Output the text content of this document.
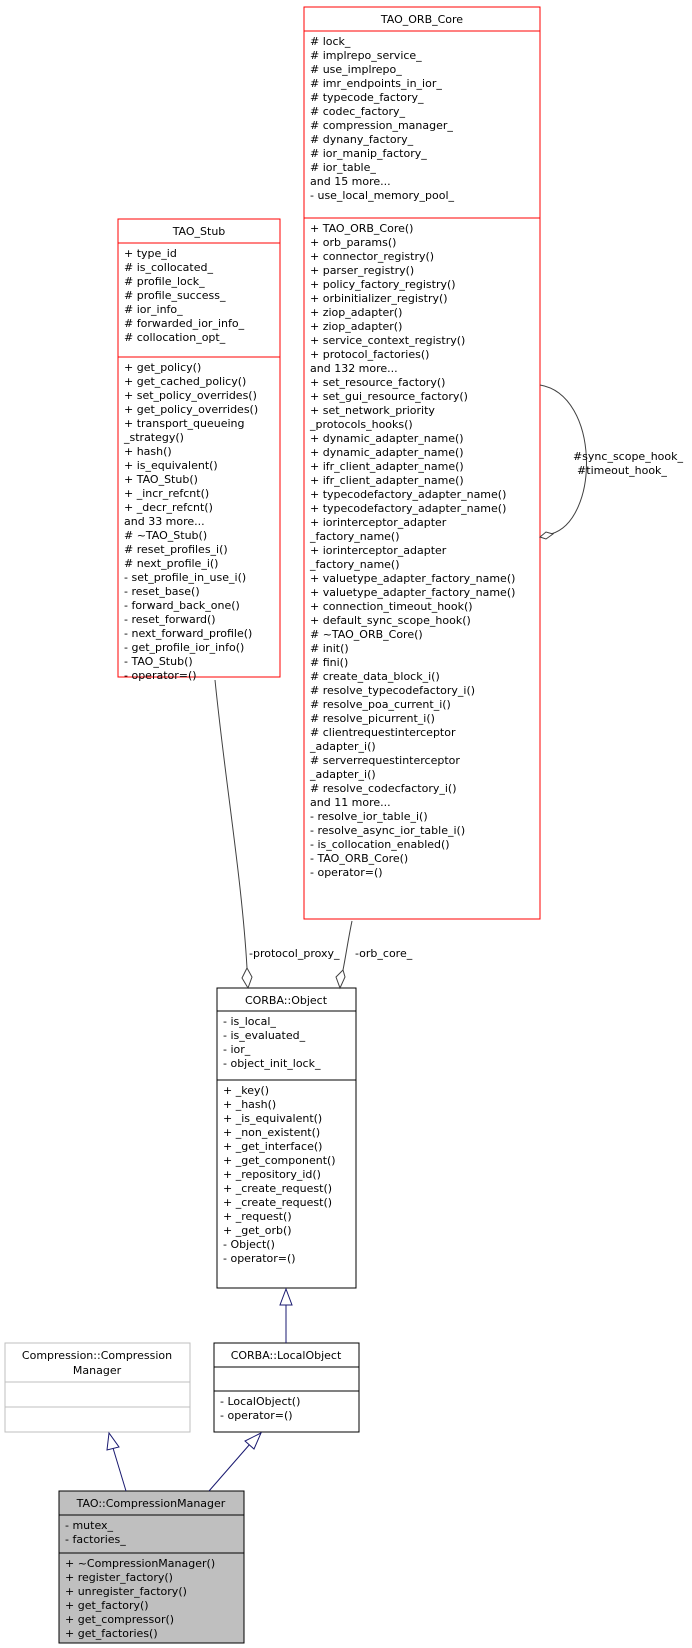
TAO_ORB_Core
# lock_
# implrepo_service_
# use_implrepo_
# imr_endpoints_in_ior_
# typecode_factory_
# codec_factory_
# compression_manager_
# dynany_factory_
# ior_manip_factory_
# ior_table_
and 15 more...
- use_local_memory_pool_
+ TAO_ORB_Core()
+ orb_params()
+ connector_registry()
+ parser_registry()
+ policy_factory_registry()
+ orbinitializer_registry()
+ ziop_adapter()
+ ziop_adapter()
+ service_context_registry()
+ protocol_factories()
and 132 more...
+ set_resource_factory()
+ set_gui_resource_factory()
+ set_network_priority
_protocols_hooks()
+ dynamic_adapter_name()
+ dynamic_adapter_name()
+ ifr_client_adapter_name()
+ ifr_client_adapter_name()
+ typecodefactory_adapter_name()
+ typecodefactory_adapter_name()
+ iorinterceptor_adapter
_factory_name()
+ iorinterceptor_adapter
_factory_name()
+ valuetype_adapter_factory_name()
+ valuetype_adapter_factory_name()
+ connection_timeout_hook()
+ default_sync_scope_hook()
# ~TAO_ORB_Core()
# init()
# fini()
# create_data_block_i()
# resolve_typecodefactory_i()
# resolve_poa_current_i()
# resolve_picurrent_i()
# clientrequestinterceptor
_adapter_i()
# serverrequestinterceptor
_adapter_i()
# resolve_codecfactory_i()
and 11 more...
- resolve_ior_table_i()
- resolve_async_ior_table_i()
- is_collocation_enabled()
- TAO_ORB_Core()
- operator=()
TAO_Stub
+ type_id
# is_collocated_
# profile_lock_
# profile_success_
# ior_info_
# forwarded_ior_info_
# collocation_opt_
+ get_policy()
+ get_cached_policy()
+ set_policy_overrides()
+ get_policy_overrides()
+ transport_queueing
_strategy()
+ hash()
+ is_equivalent()
+ TAO_Stub()
+ _incr_refcnt()
+ _decr_refcnt()
and 33 more...
# ~TAO_Stub()
# reset_profiles_i()
# next_profile_i()
- set_profile_in_use_i()
- reset_base()
- forward_back_one()
- reset_forward()
- next_forward_profile()
- get_profile_ior_info()
- TAO_Stub()
- operator=()
CORBA::Object
- is_local_
- is_evaluated_
- ior_
- object_init_lock_
+ _key()
+ _hash()
+ _is_equivalent()
+ _non_existent()
+ _get_interface()
+ _get_component()
+ _repository_id()
+ _create_request()
+ _create_request()
+ _request()
+ _get_orb()
- Object()
- operator=()
Compression::Compression
Manager
CORBA::LocalObject
- LocalObject()
- operator=()
TAO::CompressionManager
- mutex_
- factories_
+ ~CompressionManager()
+ register_factory()
+ unregister_factory()
+ get_factory()
+ get_compressor()
+ get_factories()
-protocol_proxy_ -orb_core_
#sync_scope_hook_
#timeout_hook_
